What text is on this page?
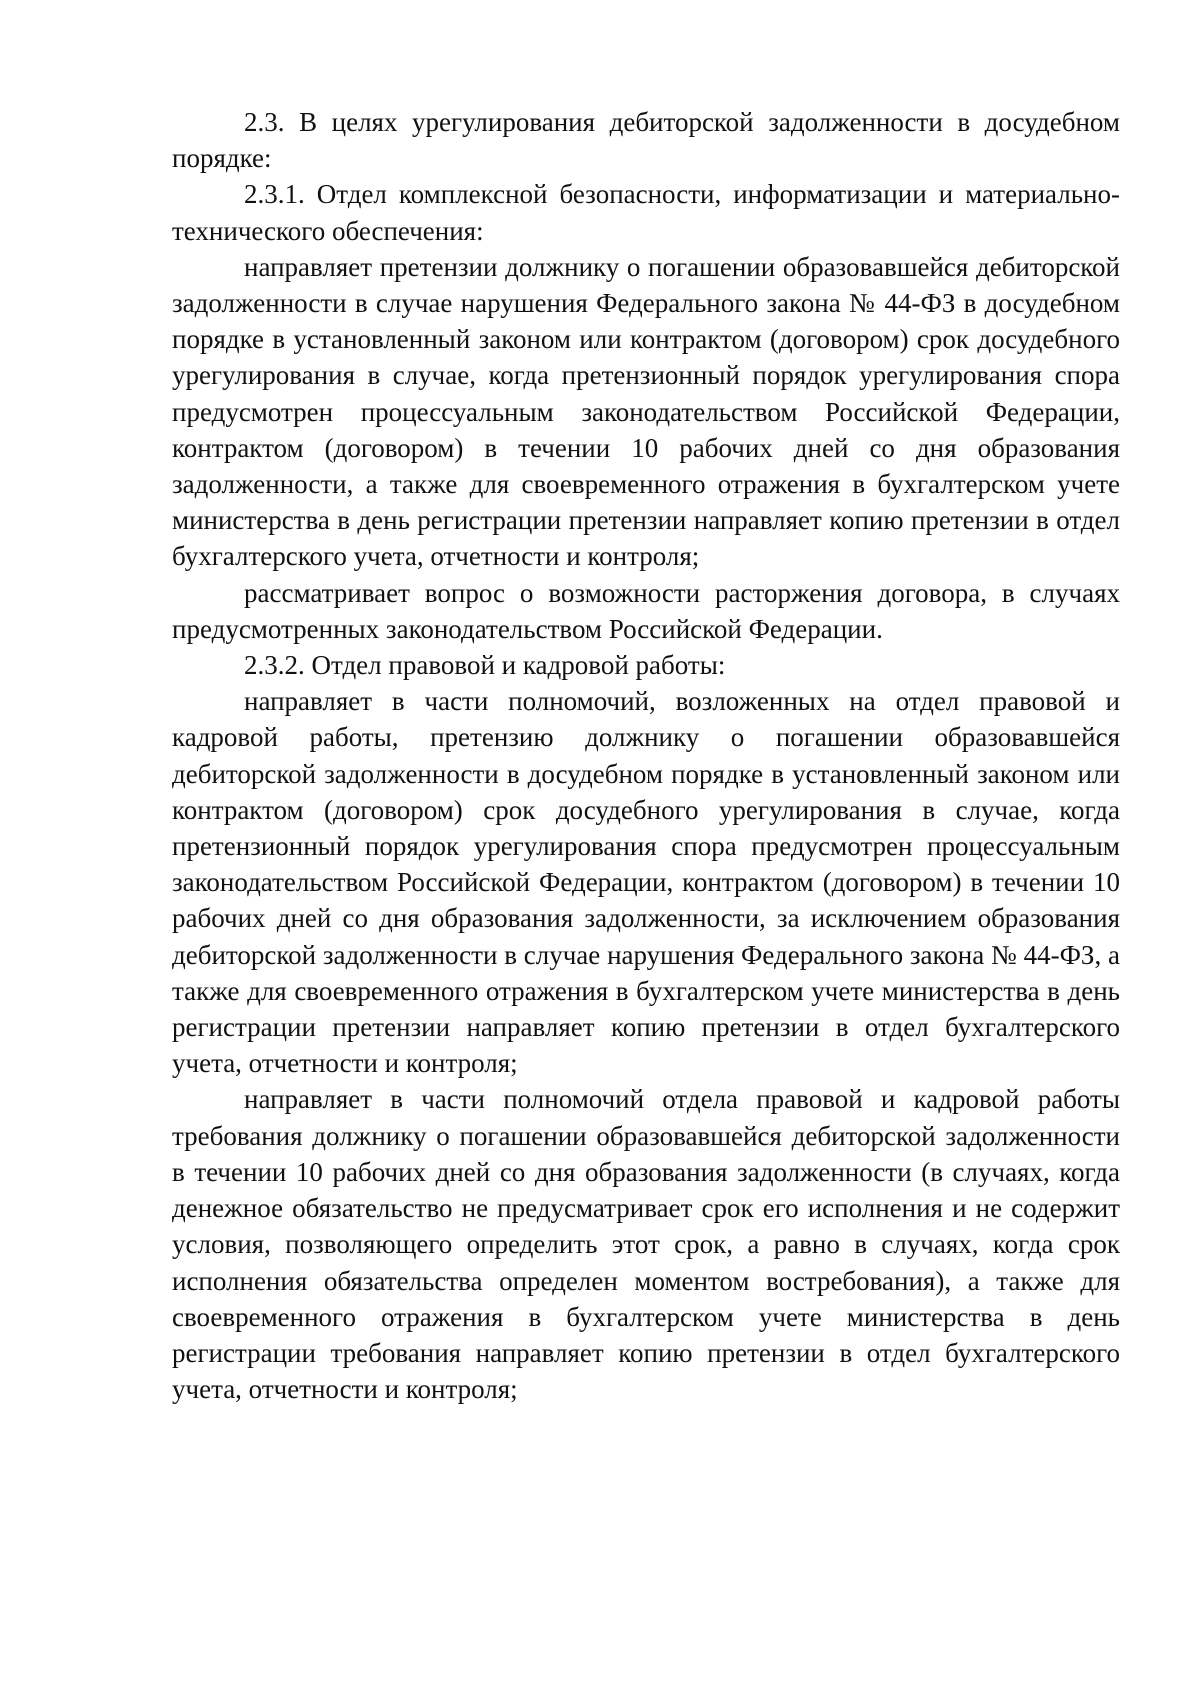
2.3. В целях урегулирования дебиторской задолженности в досудебном порядке:

2.3.1. Отдел комплексной безопасности, информатизации и материально-технического обеспечения:

направляет претензии должнику о погашении образовавшейся дебиторской задолженности в случае нарушения Федерального закона № 44-ФЗ в досудебном порядке в установленный законом или контрактом (договором) срок досудебного урегулирования в случае, когда претензионный порядок урегулирования спора предусмотрен процессуальным законодательством Российской Федерации, контрактом (договором) в течении 10 рабочих дней со дня образования задолженности, а также для своевременного отражения в бухгалтерском учете министерства в день регистрации претензии направляет копию претензии в отдел бухгалтерского учета, отчетности и контроля;

рассматривает вопрос о возможности расторжения договора, в случаях предусмотренных законодательством Российской Федерации.

2.3.2. Отдел правовой и кадровой работы:

направляет в части полномочий, возложенных на отдел правовой и кадровой работы, претензию должнику о погашении образовавшейся дебиторской задолженности в досудебном порядке в установленный законом или контрактом (договором) срок досудебного урегулирования в случае, когда претензионный порядок урегулирования спора предусмотрен процессуальным законодательством Российской Федерации, контрактом (договором) в течении 10 рабочих дней со дня образования задолженности, за исключением образования дебиторской задолженности в случае нарушения Федерального закона № 44-ФЗ, а также для своевременного отражения в бухгалтерском учете министерства в день регистрации претензии направляет копию претензии в отдел бухгалтерского учета, отчетности и контроля;

направляет в части полномочий отдела правовой и кадровой работы требования должнику о погашении образовавшейся дебиторской задолженности в течении 10 рабочих дней со дня образования задолженности (в случаях, когда денежное обязательство не предусматривает срок его исполнения и не содержит условия, позволяющего определить этот срок, а равно в случаях, когда срок исполнения обязательства определен моментом востребования), а также для своевременного отражения в бухгалтерском учете министерства в день регистрации требования направляет копию претензии в отдел бухгалтерского учета, отчетности и контроля;
